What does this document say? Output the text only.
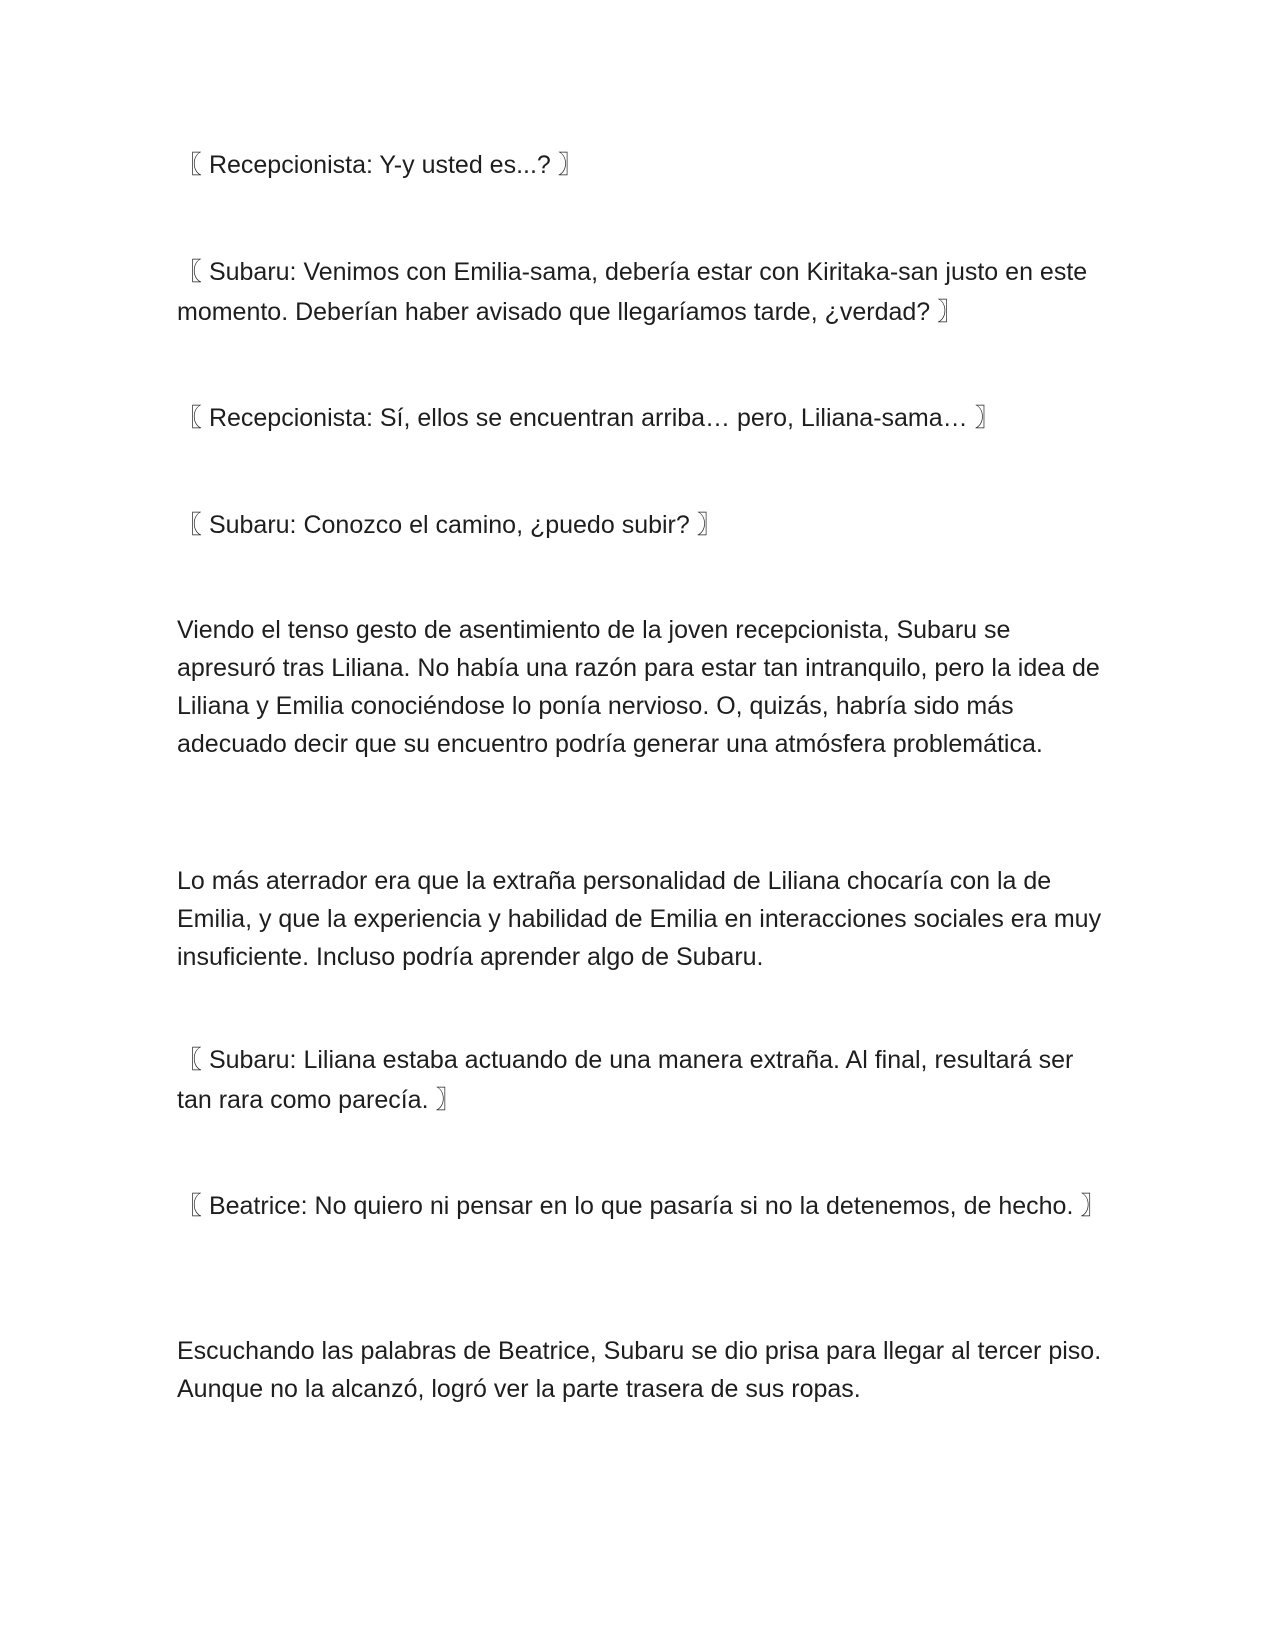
〖 Recepcionista: Y-y usted es...? 〗

〖 Subaru: Venimos con Emilia-sama, debería estar con Kiritaka-san justo en este momento. Deberían haber avisado que llegaríamos tarde, ¿verdad? 〗

〖 Recepcionista: Sí, ellos se encuentran arriba… pero, Liliana-sama… 〗

〖 Subaru: Conozco el camino, ¿puedo subir? 〗

Viendo el tenso gesto de asentimiento de la joven recepcionista, Subaru se apresuró tras Liliana. No había una razón para estar tan intranquilo, pero la idea de Liliana y Emilia conociéndose lo ponía nervioso. O, quizás, habría sido más adecuado decir que su encuentro podría generar una atmósfera problemática.

Lo más aterrador era que la extraña personalidad de Liliana chocaría con la de Emilia, y que la experiencia y habilidad de Emilia en interacciones sociales era muy insuficiente. Incluso podría aprender algo de Subaru.

〖 Subaru: Liliana estaba actuando de una manera extraña. Al final, resultará ser tan rara como parecía. 〗

〖 Beatrice: No quiero ni pensar en lo que pasaría si no la detenemos, de hecho. 〗

Escuchando las palabras de Beatrice, Subaru se dio prisa para llegar al tercer piso. Aunque no la alcanzó, logró ver la parte trasera de sus ropas.
